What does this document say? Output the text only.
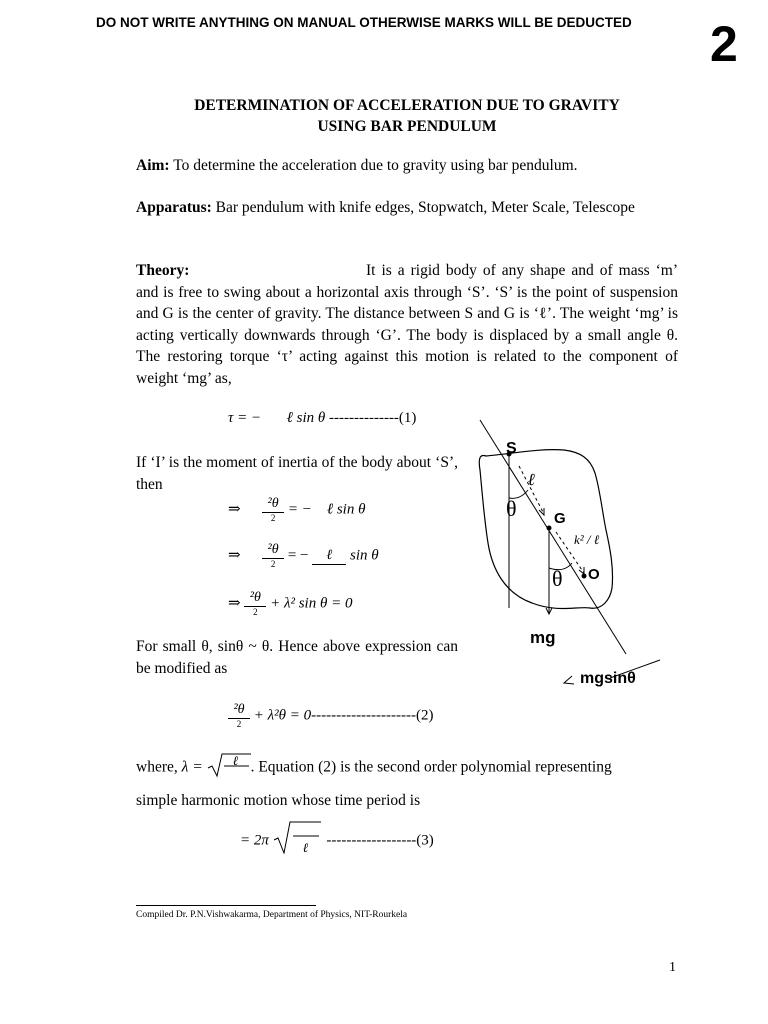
DO NOT WRITE ANYTHING ON MANUAL OTHERWISE MARKS WILL BE DEDUCTED 2
DETERMINATION OF ACCELERATION DUE TO GRAVITY
USING BAR PENDULUM
Aim: To determine the acceleration due to gravity using bar pendulum.
Apparatus: Bar pendulum with knife edges, Stopwatch, Meter Scale, Telescope
Theory:	It is a rigid body of any shape and of mass ‘m’ and is free to swing about a horizontal axis through ‘S’. ‘S’ is the point of suspension and G is the center of gravity. The distance between S and G is ‘ℓ’. The weight ‘mg’ is acting vertically downwards through ‘G’. The body is displaced by a small angle θ. The restoring torque ‘τ’ acting against this motion is related to the component of weight ‘mg’ as,
τ = − ℓ sin θ --------------(1)
If ‘I’ is the moment of inertia of the body about ‘S’, then
⇒ $\frac{\text{²θ}}{2}$ = −    ℓ sin θ
⇒ $\frac{\text{²θ}}{2}$ = −	ℓ	sin θ
⇒ $\frac{\text{²θ}}{2} + \lambda^2$ sin θ = 0
For small θ, sinθ ~ θ. Hence above expression can be modified as
$\frac{\text{²θ}}{2} + \lambda^2\theta = 0---------------------(2)$
where, λ = ℓ . Equation (2) is the second order polynomial representing
simple harmonic motion whose time period is
= 2π	ℓ ------------------(3)
S
ℓ
θ G
k² / ℓ
θ O
mg
mgsinθ
Compiled Dr. P.N.Vishwakarma, Department of Physics, NIT-Rourkela
1
